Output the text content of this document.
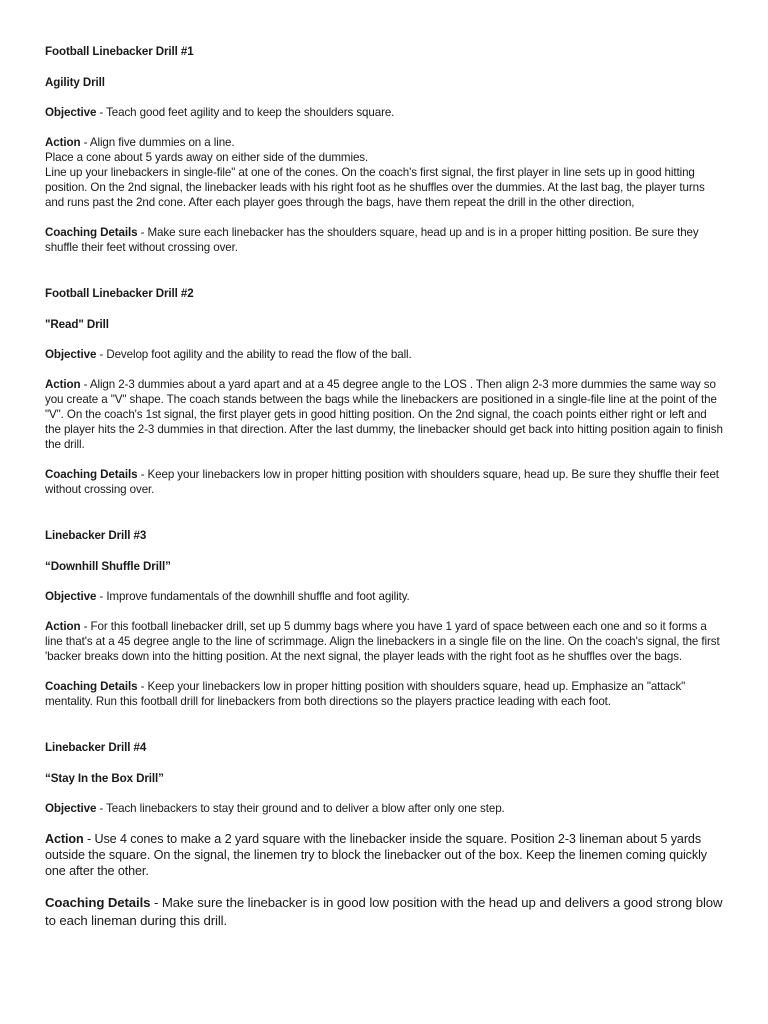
Football Linebacker Drill #1

Agility Drill

Objective - Teach good feet agility and to keep the shoulders square.

Action - Align five dummies on a line.
Place a cone about 5 yards away on either side of the dummies.
Line up your linebackers in single-file" at one of the cones. On the coach's first signal, the first player in line sets up in good hitting position. On the 2nd signal, the linebacker leads with his right foot as he shuffles over the dummies. At the last bag, the player turns and runs past the 2nd cone. After each player goes through the bags, have them repeat the drill in the other direction,

Coaching Details - Make sure each linebacker has the shoulders square, head up and is in a proper hitting position. Be sure they shuffle their feet without crossing over.

Football Linebacker Drill #2

"Read" Drill

Objective - Develop foot agility and the ability to read the flow of the ball.

Action - Align 2-3 dummies about a yard apart and at a 45 degree angle to the LOS . Then align 2-3 more dummies the same way so you create a "V" shape. The coach stands between the bags while the linebackers are positioned in a single-file line at the point of the "V". On the coach's 1st signal, the first player gets in good hitting position. On the 2nd signal, the coach points either right or left and the player hits the 2-3 dummies in that direction. After the last dummy, the linebacker should get back into hitting position again to finish the drill.

Coaching Details - Keep your linebackers low in proper hitting position with shoulders square, head up. Be sure they shuffle their feet without crossing over.

Linebacker Drill #3

“Downhill Shuffle Drill”

Objective - Improve fundamentals of the downhill shuffle and foot agility.

Action - For this football linebacker drill, set up 5 dummy bags where you have 1 yard of space between each one and so it forms a line that's at a 45 degree angle to the line of scrimmage. Align the linebackers in a single file on the line. On the coach's signal, the first 'backer breaks down into the hitting position. At the next signal, the player leads with the right foot as he shuffles over the bags.

Coaching Details - Keep your linebackers low in proper hitting position with shoulders square, head up. Emphasize an "attack" mentality. Run this football drill for linebackers from both directions so the players practice leading with each foot.

Linebacker Drill #4

“Stay In the Box Drill”

Objective - Teach linebackers to stay their ground and to deliver a blow after only one step.

Action - Use 4 cones to make a 2 yard square with the linebacker inside the square. Position 2-3 lineman about 5 yards outside the square. On the signal, the linemen try to block the linebacker out of the box. Keep the linemen coming quickly one after the other.

Coaching Details - Make sure the linebacker is in good low position with the head up and delivers a good strong blow to each lineman during this drill.
